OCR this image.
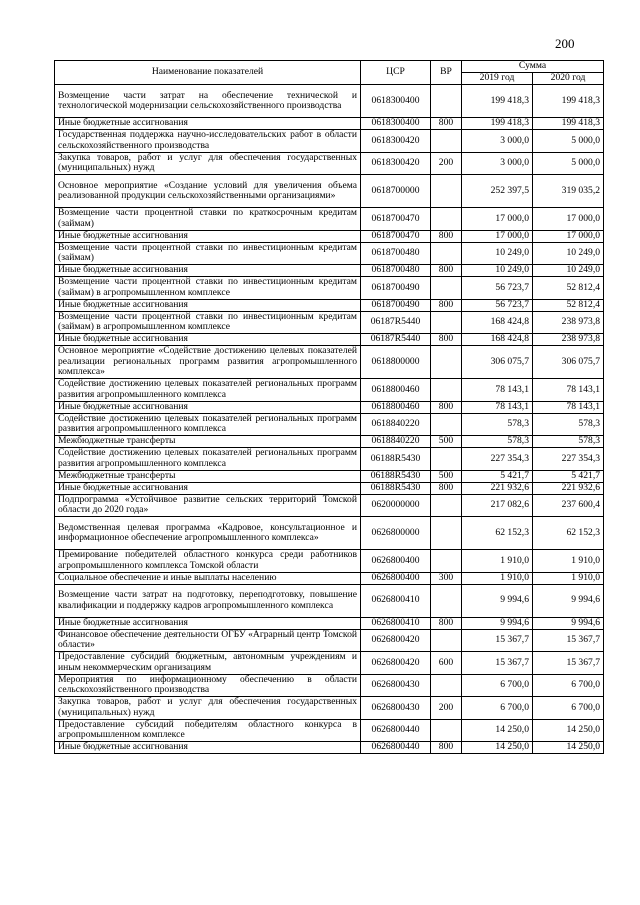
200
Наименование показателей	ЦСР	ВР	Сумма	
			2019 год	2020 год
Возмещение части затрат на обеспечение технической и технологической модернизации сельскохозяйственного производства	0618300400		199 418,3	199 418,3
Иные бюджетные ассигнования	0618300400	800	199 418,3	199 418,3
Государственная поддержка научно-исследовательских работ в области сельскохозяйственного производства	0618300420		3 000,0	5 000,0
Закупка товаров, работ и услуг для обеспечения государственных (муниципальных) нужд	0618300420	200	3 000,0	5 000,0
Основное мероприятие «Создание условий для увеличения объема реализованной продукции сельскохозяйственными организациями»	0618700000		252 397,5	319 035,2
Возмещение части процентной ставки по краткосрочным кредитам (займам)	0618700470		17 000,0	17 000,0
Иные бюджетные ассигнования	0618700470	800	17 000,0	17 000,0
Возмещение части процентной ставки по инвестиционным кредитам (займам)	0618700480		10 249,0	10 249,0
Иные бюджетные ассигнования	0618700480	800	10 249,0	10 249,0
Возмещение части процентной ставки по инвестиционным кредитам (займам) в агропромышленном комплексе	0618700490		56 723,7	52 812,4
Иные бюджетные ассигнования	0618700490	800	56 723,7	52 812,4
Возмещение части процентной ставки по инвестиционным кредитам (займам) в агропромышленном комплексе	06187R5440		168 424,8	238 973,8
Иные бюджетные ассигнования	06187R5440	800	168 424,8	238 973,8
Основное мероприятие «Содействие достижению целевых показателей реализации региональных программ развития агропромышленного комплекса»	0618800000		306 075,7	306 075,7
Содействие достижению целевых показателей региональных программ развития агропромышленного комплекса	0618800460		78 143,1	78 143,1
Иные бюджетные ассигнования	0618800460	800	78 143,1	78 143,1
Содействие достижению целевых показателей региональных программ развития агропромышленного комплекса	0618840220		578,3	578,3
Межбюджетные трансферты	0618840220	500	578,3	578,3
Содействие достижению целевых показателей региональных программ развития агропромышленного комплекса	06188R5430		227 354,3	227 354,3
Межбюджетные трансферты	06188R5430	500	5 421,7	5 421,7
Иные бюджетные ассигнования	06188R5430	800	221 932,6	221 932,6
Подпрограмма «Устойчивое развитие сельских территорий Томской области до 2020 года»	0620000000		217 082,6	237 600,4
Ведомственная целевая программа «Кадровое, консультационное и информационное обеспечение агропромышленного комплекса»	0626800000		62 152,3	62 152,3
Премирование победителей областного конкурса среди работников агропромышленного комплекса Томской области	0626800400		1 910,0	1 910,0
Социальное обеспечение и иные выплаты населению	0626800400	300	1 910,0	1 910,0
Возмещение части затрат на подготовку, переподготовку, повышение квалификации и поддержку кадров агропромышленного комплекса	0626800410		9 994,6	9 994,6
Иные бюджетные ассигнования	0626800410	800	9 994,6	9 994,6
Финансовое обеспечение деятельности ОГБУ «Аграрный центр Томской области»	0626800420		15 367,7	15 367,7
Предоставление субсидий бюджетным, автономным учреждениям и иным некоммерческим организациям	0626800420	600	15 367,7	15 367,7
Мероприятия по информационному обеспечению в области сельскохозяйственного производства	0626800430		6 700,0	6 700,0
Закупка товаров, работ и услуг для обеспечения государственных (муниципальных) нужд	0626800430	200	6 700,0	6 700,0
Предоставление субсидий победителям областного конкурса в агропромышленном комплексе	0626800440		14 250,0	14 250,0
Иные бюджетные ассигнования	0626800440	800	14 250,0	14 250,0
